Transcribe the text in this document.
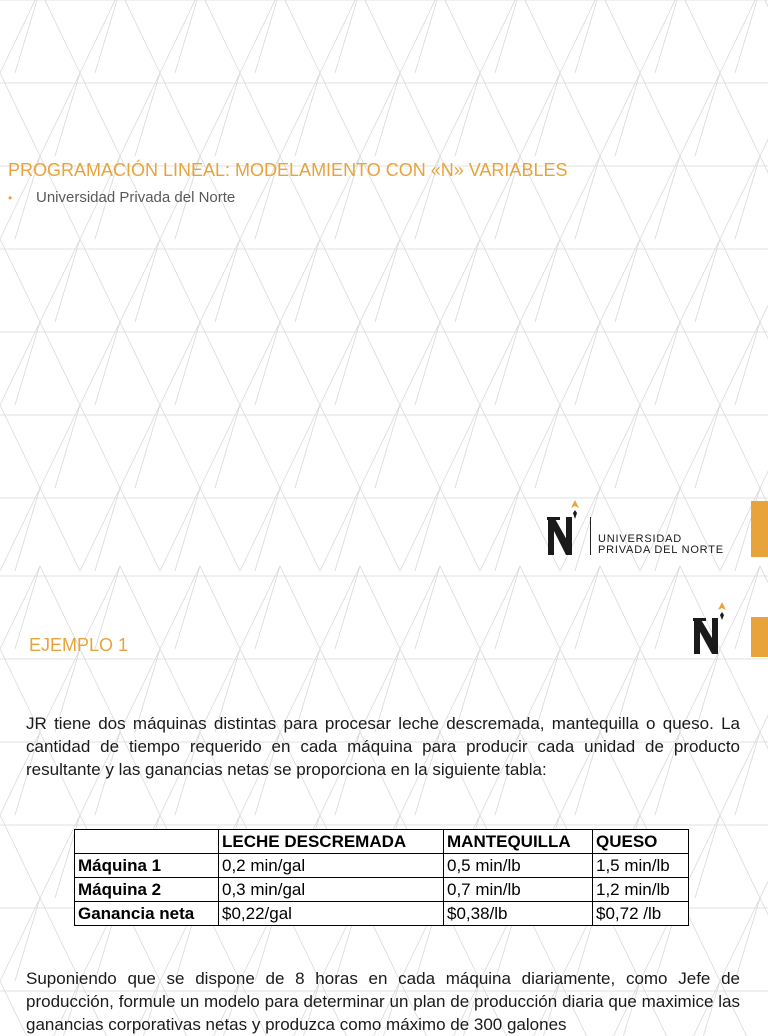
PROGRAMACIÓN LINEAL: MODELAMIENTO CON «N» VARIABLES
• Universidad Privada del Norte
UNIVERSIDAD
PRIVADA DEL NORTE
EJEMPLO 1

JR tiene dos máquinas distintas para procesar leche descremada, mantequilla o queso. La cantidad de tiempo requerido en cada máquina para producir cada unidad de producto resultante y las ganancias netas se proporciona en la siguiente tabla:

	LECHE DESCREMADA	MANTEQUILLA	QUESO
Máquina 1	0,2 min/gal	0,5 min/lb	1,5 min/lb
Máquina 2	0,3 min/gal	0,7 min/lb	1,2 min/lb
Ganancia neta	$0,22/gal	$0,38/lb	$0,72 /lb

Suponiendo que se dispone de 8 horas en cada máquina diariamente, como Jefe de producción, formule un modelo para determinar un plan de producción diaria que maximice las ganancias corporativas netas y produzca como máximo de 300 galones
